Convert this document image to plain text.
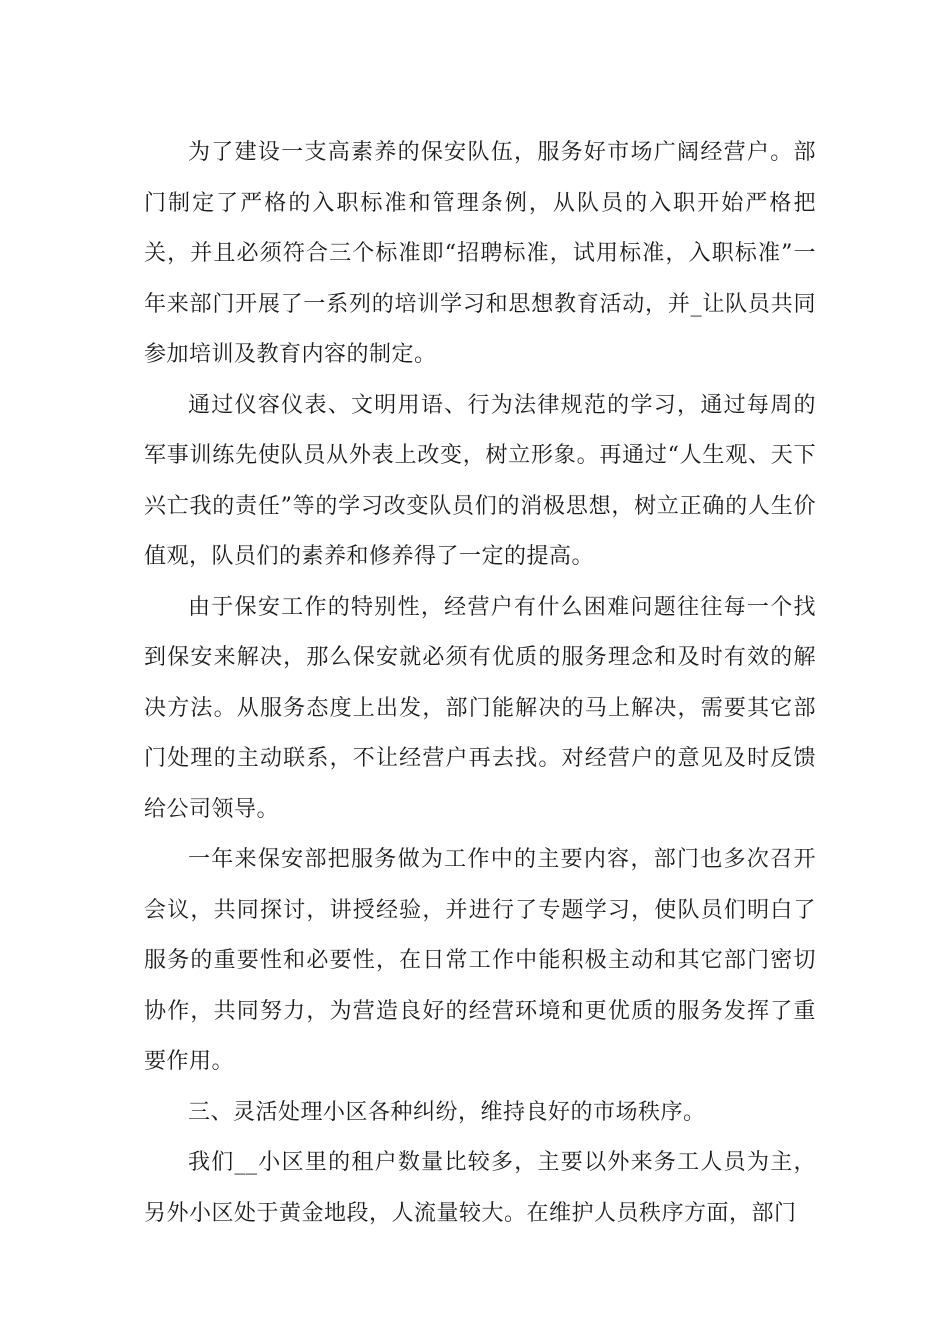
为了建设一支高素养的保安队伍，服务好市场广阔经营户。部门制定了严格的入职标准和管理条例，从队员的入职开始严格把关，并且必须符合三个标准即“招聘标准，试用标准，入职标准”一年来部门开展了一系列的培训学习和思想教育活动，并_让队员共同参加培训及教育内容的制定。

通过仪容仪表、文明用语、行为法律规范的学习，通过每周的军事训练先使队员从外表上改变，树立形象。再通过“人生观、天下兴亡我的责任”等的学习改变队员们的消极思想，树立正确的人生价值观，队员们的素养和修养得了一定的提高。

由于保安工作的特别性，经营户有什么困难问题往往每一个找到保安来解决，那么保安就必须有优质的服务理念和及时有效的解决方法。从服务态度上出发，部门能解决的马上解决，需要其它部门处理的主动联系，不让经营户再去找。对经营户的意见及时反馈给公司领导。

一年来保安部把服务做为工作中的主要内容，部门也多次召开会议，共同探讨，讲授经验，并进行了专题学习，使队员们明白了服务的重要性和必要性，在日常工作中能积极主动和其它部门密切协作，共同努力，为营造良好的经营环境和更优质的服务发挥了重要作用。

三、灵活处理小区各种纠纷，维持良好的市场秩序。

我们__小区里的租户数量比较多，主要以外来务工人员为主，另外小区处于黄金地段，人流量较大。在维护人员秩序方面，部门
